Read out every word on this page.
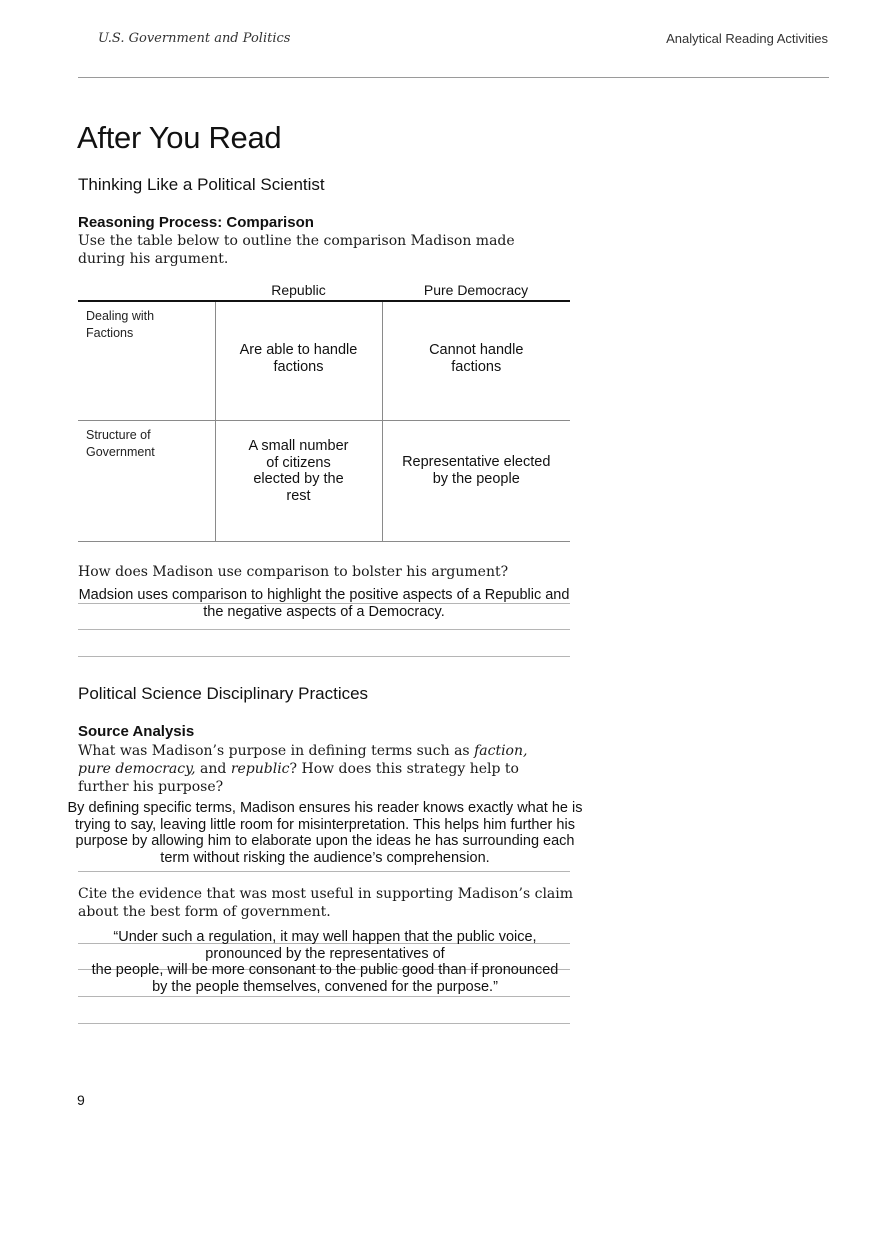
U.S. Government and Politics	Analytical Reading Activities
After You Read
Thinking Like a Political Scientist
Reasoning Process: Comparison
Use the table below to outline the comparison Madison made during his argument.
	Republic	Pure Democracy

Dealing with Factions	Are able to handle factions	Cannot handle factions

Structure of Government	A small number of citizens elected by the rest	Representative elected by the people
How does Madison use comparison to bolster his argument?
Madsion uses comparison to highlight the positive aspects of a Republic and the negative aspects of a Democracy.
Political Science Disciplinary Practices
Source Analysis
What was Madison’s purpose in defining terms such as faction, pure democracy, and republic? How does this strategy help to further his purpose?
By defining specific terms, Madison ensures his reader knows exactly what he is trying to say, leaving little room for misinterpretation. This helps him further his purpose by allowing him to elaborate upon the ideas he has surrounding each term without risking the audience’s comprehension.
Cite the evidence that was most useful in supporting Madison’s claim about the best form of government.
“Under such a regulation, it may well happen that the public voice,
pronounced by the representatives of
the people, will be more consonant to the public good than if pronounced
by the people themselves, convened for the purpose.”
9
